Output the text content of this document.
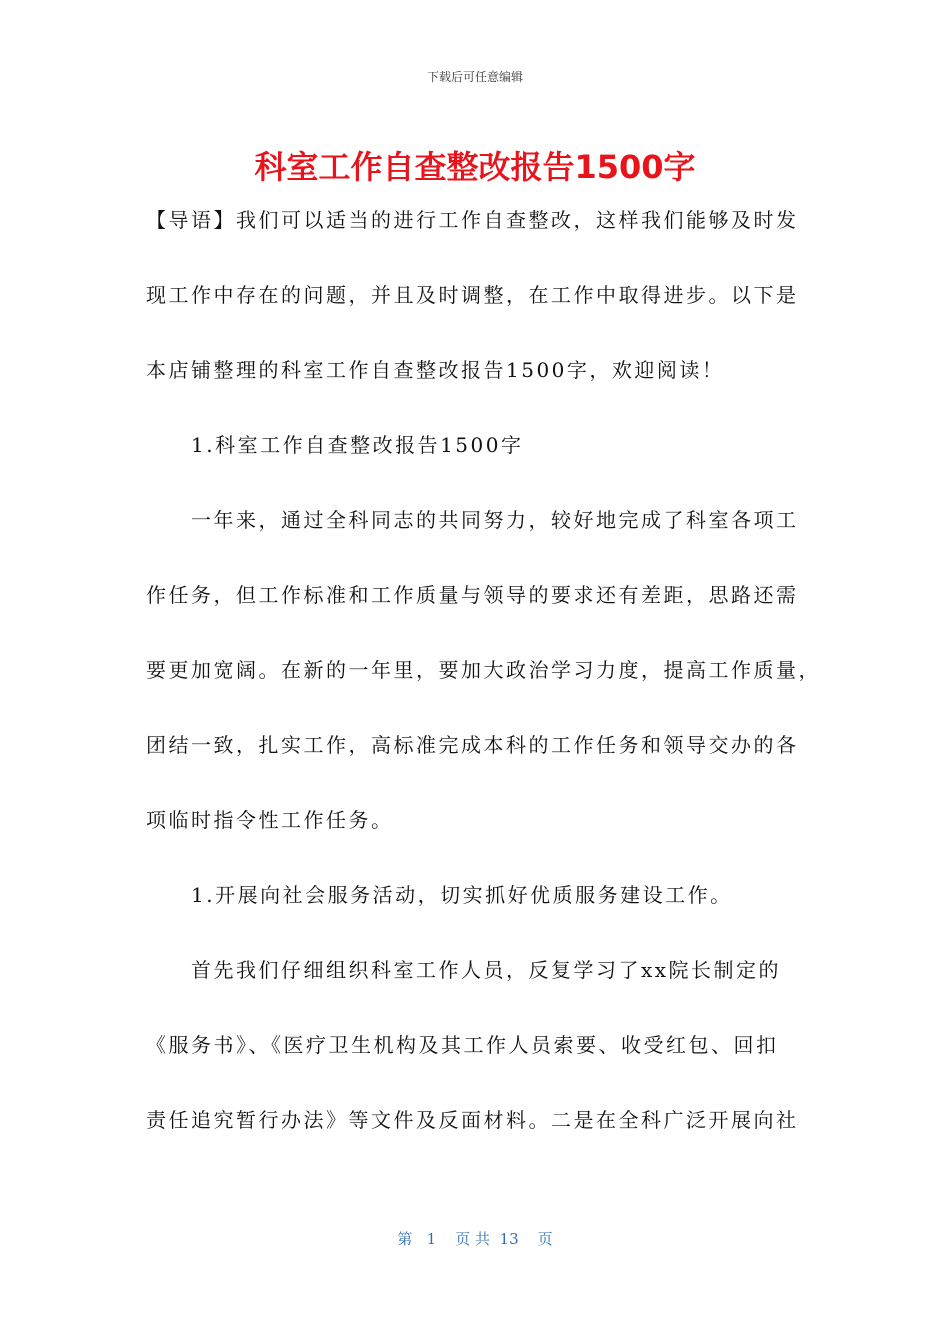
下载后可任意编辑
科室工作自查整改报告1500字
【导语】我们可以适当的进行工作自查整改，这样我们能够及时发
现工作中存在的问题，并且及时调整，在工作中取得进步。以下是
本店铺整理的科室工作自查整改报告1500字，欢迎阅读！
1.科室工作自查整改报告1500字
一年来，通过全科同志的共同努力，较好地完成了科室各项工
作任务，但工作标准和工作质量与领导的要求还有差距，思路还需
要更加宽阔。在新的一年里，要加大政治学习力度，提高工作质量，
团结一致，扎实工作，高标准完成本科的工作任务和领导交办的各
项临时指令性工作任务。
1.开展向社会服务活动，切实抓好优质服务建设工作。
首先我们仔细组织科室工作人员，反复学习了xx院长制定的
《服务书》、《医疗卫生机构及其工作人员索要、收受红包、回扣
责任追究暂行办法》等文件及反面材料。二是在全科广泛开展向社
第   1    页 共  13    页
